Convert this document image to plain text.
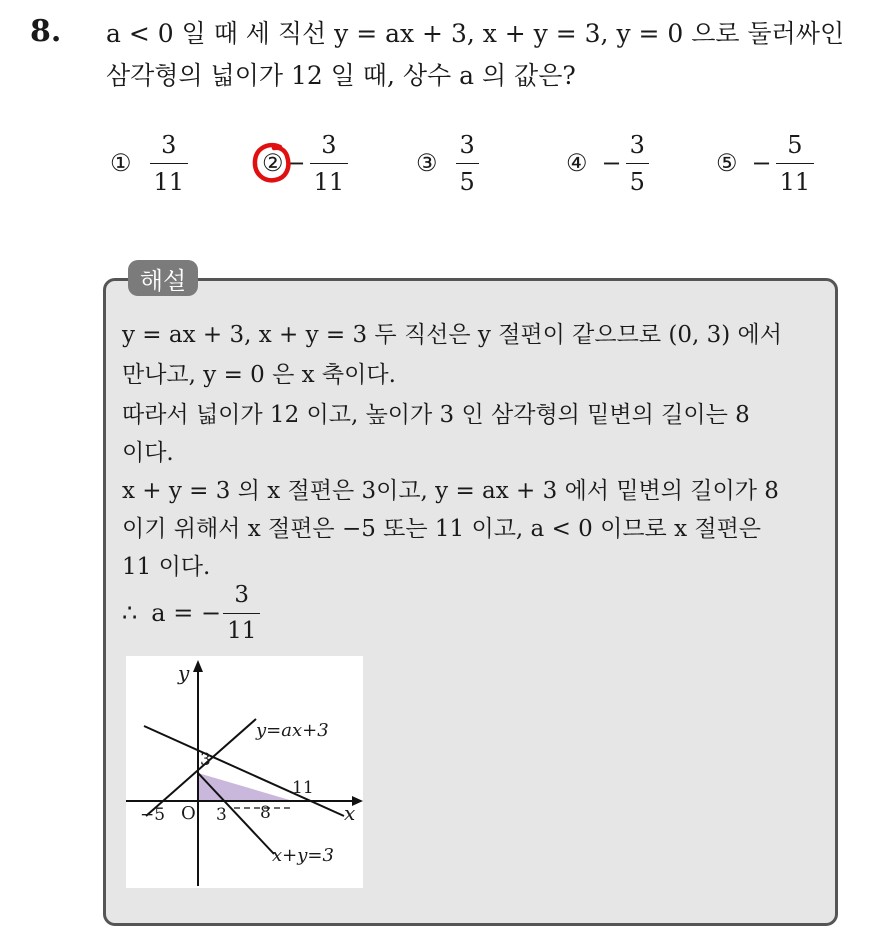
8. a < 0 일 때 세 직선 y = ax + 3, x + y = 3, y = 0 으로 둘러싸인
삼각형의 넓이가 12 일 때, 상수 a 의 값은?
① $\frac{3}{11}$	② − $\frac{3}{11}$	③ $\frac{3}{5}$	④ − $\frac{3}{5}$	⑤ − $\frac{5}{11}$
해설
y = ax + 3, x + y = 3 두 직선은 y 절편이 같으므로 (0, 3) 에서
만나고, y = 0 은 x 축이다.
따라서 넓이가 12 이고, 높이가 3 인 삼각형의 밑변의 길이는 8
이다.
x + y = 3 의 x 절편은 3이고, y = ax + 3 에서 밑변의 길이가 8
이기 위해서 x 절편은 −5 또는 11 이고, a < 0 이므로 x 절편은
11 이다.
∴ a = − $\frac{3}{11}$
y
x
O
3
3
−5
11
8
y=ax+3
x+y=3
